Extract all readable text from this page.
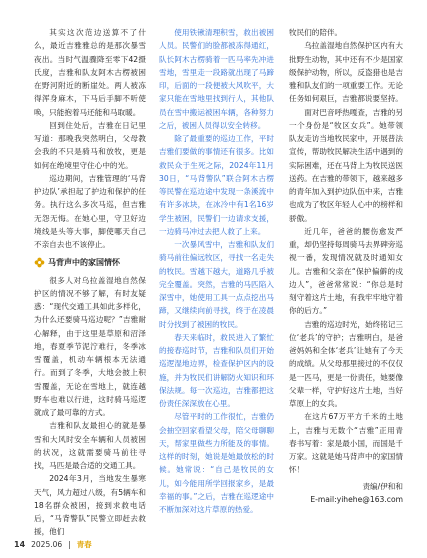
其实这次范边送算不了什么，最近吉雅雅总的是那次暴雪夜出。当时气温骤降至零下42摄氏度，吉雅和队友阿木古楞被困在野河附近的断崖处。两人被冻得浑身麻木，下马后手脚不听使唤，只能抱着马还能和马取暖。

回到住处后，吉雅在日记里写道：那晚我突然明白，父母教会我的不只是骑马和放牧，更是如何在绝境里守住心中的光。

巡边期间，吉雅管理的‘马背护边队’承担起了护边和保护的任务。执行这么多次马巡，但吉雅无怨无悔。在她心里，守卫好边境线是头等大事，脚使哪天自己不亲自去也不该停止。

马背声中的家国情怀

很多人对乌拉盖湿地自然保护区的情况不够了解，有时友疑惑：“现代交通工具如此多样化，为什么还要骑马巡边呢？”吉雅耐心解释，由于这里是草原和沼泽地，春夏季节泥泞难行，冬季冰雪覆盖，机动车辆根本无法通行。而到了冬季，大地会披上积雪覆盖，无论在雪地上，就连越野车也难以行进，这时骑马巡逻就成了最可靠的方式。

吉雅和队友最担心的就是暴雪和大风时安全车辆和人员被困的状况，这就需要骑马前往寻找，马匹是最合适的交通工具。

2024年3月，当地发生暴寒天气，风力超过八级，有5辆车和18名群众被困，接到求救电话后，“马背警队”民警立即赶去救援，他们

使用铁锹清理积雪，救出被困人员。民警们的脸都被冻得通红，队长阿木古楞骑着一匹马率先冲进雪地，雪里走一段路就出现了马蹄印，后面的一段便被大风吹平，大家只能在雪地里找到行人，其他队员在雪中搬运被困车辆，各种努力之后，被困人员得以安全转移。

除了最重要的巡边工作，平时吉雅们要做的事情还有很多。比如救民众于生死之际，2024年11月30日，“马背警队”联合阿木古楞等民警在巡边途中发现一条溪流中有许多冰块，在冰冷中有1名16岁学生被困，民警们一边请求支援，一边骑马冲过去把人救了上来。

一次暴风雪中，吉雅和队友们骑马前往偏远牧区，寻找一名走失的牧民。雪越下越大，道路几乎被完全覆盖。突然，吉雅的马匹陷入深雪中，她使用工具一点点挖出马蹄，又继续向前寻找，终于在凌晨时分找到了被困的牧民。

春天来临时，救民进入了繁忙的接春巡时节，吉雅和队员们开始巡逻湿地边界，检查保护区内的设施，并为牧民们讲解防火知识和环保法规。每一次巡边，吉雅都把这份责任深深放在心里。

尽管平时的工作很忙，吉雅仍会抽空回家看望父母，陪父母聊聊天，帮家里做些力所能及的事情。这样的时刻，她说是她最放松的时候。她常说：“自己是牧民的女儿，如今能用所学回报家乡，是最幸福的事。”之后，吉雅在巡逻途中不断加深对这片草原的热爱。

牧民们的陪伴。

乌拉盖湿地自然保护区内有大批野生动物，其中还有不少是国家级保护动物，所以，反盗猎也是吉雅和队友们的一项重要工作。无论任务如何艰巨，吉雅都说要坚持。

面对巴音呼热嘎查，吉雅的另一个身份是“牧区女兵”。她带领队友走访当地牧民家中，开展普法宣传，帮助牧民解决生活中遇到的实际困难，还在马背上为牧民送医送药。在吉雅的带领下，越来越多的青年加入到护边队伍中来，吉雅也成为了牧区年轻人心中的榜样和骄傲。

近几年，爸爸的腰伤愈发严重，却仍坚持每周骑马去界碑旁巡视一番，发现情况就及时通知女儿。吉雅和父亲在“保护偏僻的戍边人”，爸爸常常说：“你总是时刻守着这片土地，有我牢牢地守着你的后方。”

吉雅的巡边时光，始终铭记三位‘老兵’的守护；吉雅明白，是爸爸妈妈和全体‘老兵’让她有了今天的成绩。从父母那里接过的不仅仅是一匹马，更是一份责任，她要像父辈一样，守护好这片土地，当好草原上的女兵。

在这片67万平方千米的土地上，吉雅与无数个“吉雅”正用青春书写着：家是最小国，而国是千万家。这就是她马背声中的家国情怀！

责编/伊和和
E-mail:yihehe@163.com
14 2025.06 | 青春
